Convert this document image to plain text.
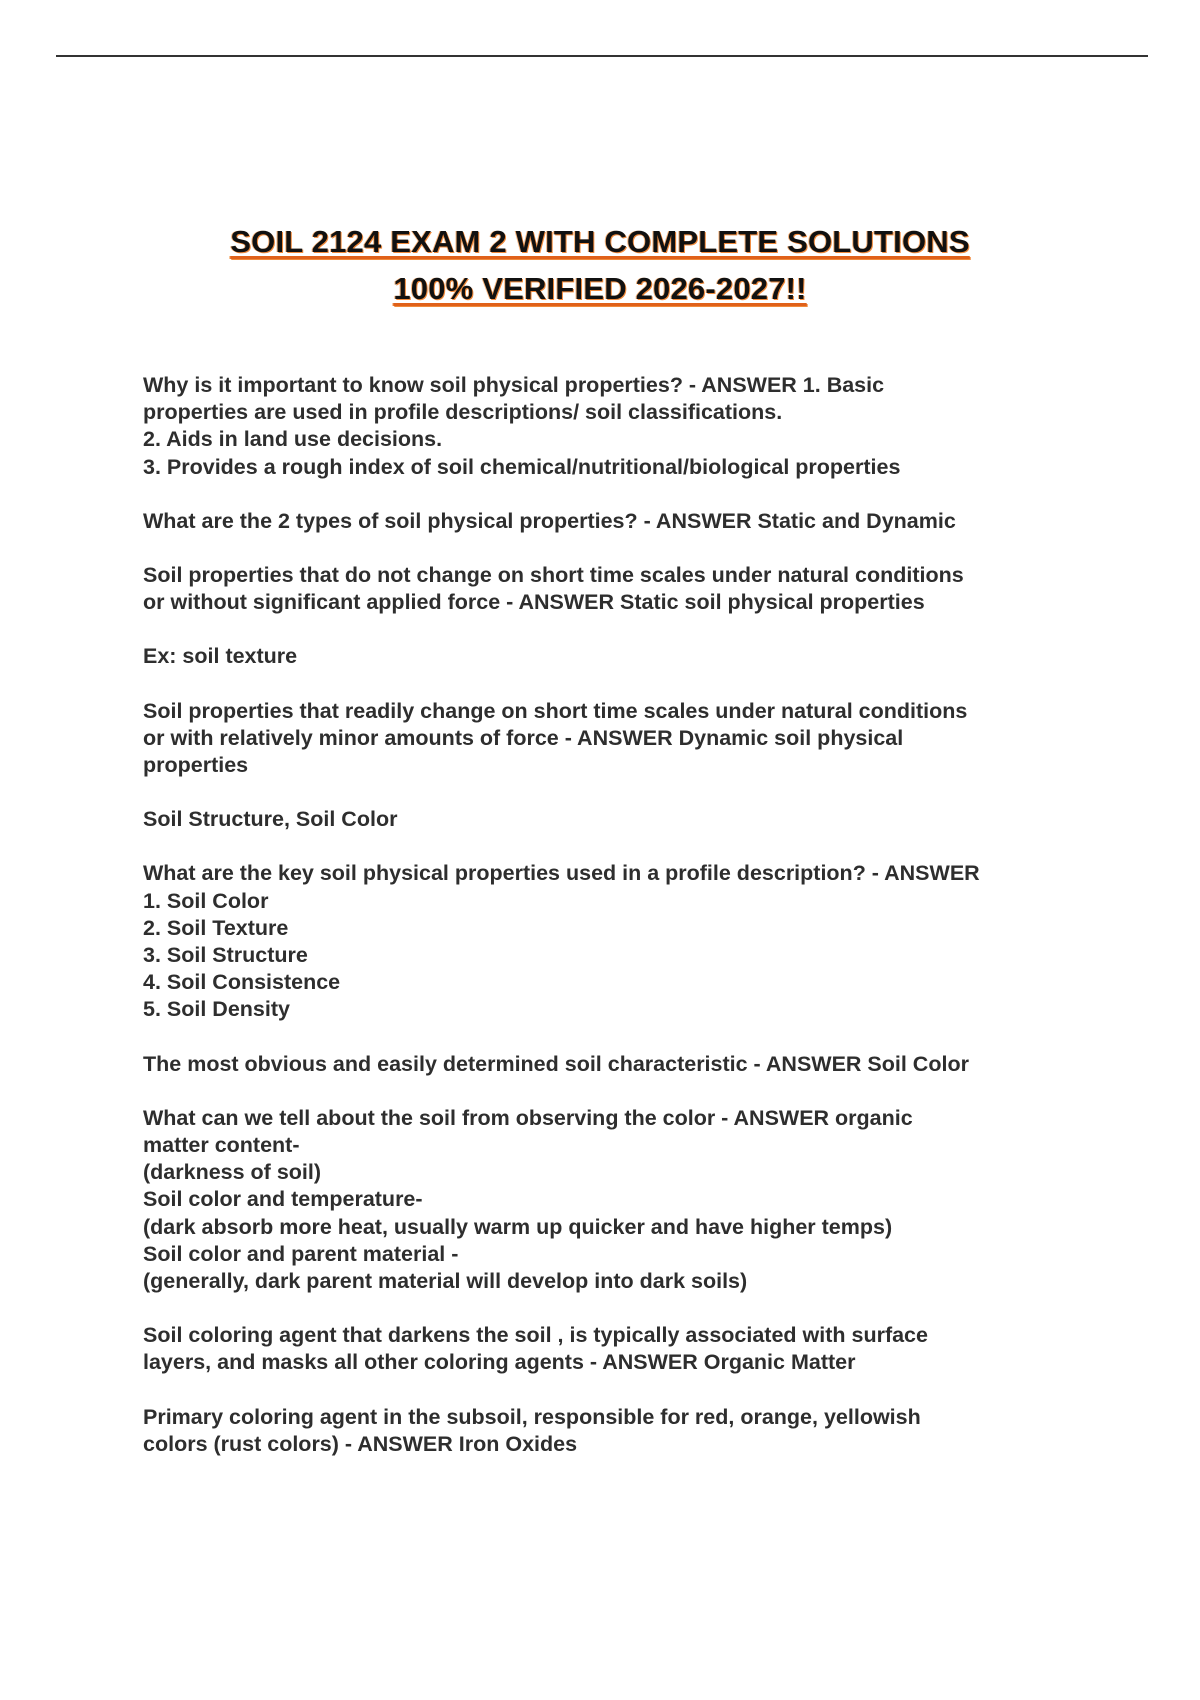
SOIL 2124 EXAM 2 WITH COMPLETE SOLUTIONS
100% VERIFIED 2026-2027!!
Why is it important to know soil physical properties? - ANSWER 1. Basic
properties are used in profile descriptions/ soil classifications.
2. Aids in land use decisions.
3. Provides a rough index of soil chemical/nutritional/biological properties
What are the 2 types of soil physical properties? - ANSWER Static and Dynamic
Soil properties that do not change on short time scales under natural conditions
or without significant applied force - ANSWER Static soil physical properties
Ex: soil texture
Soil properties that readily change on short time scales under natural conditions
or with relatively minor amounts of force - ANSWER Dynamic soil physical
properties
Soil Structure, Soil Color
What are the key soil physical properties used in a profile description? - ANSWER
1. Soil Color
2. Soil Texture
3. Soil Structure
4. Soil Consistence
5. Soil Density
The most obvious and easily determined soil characteristic - ANSWER Soil Color
What can we tell about the soil from observing the color - ANSWER organic
matter content-
(darkness of soil)
Soil color and temperature-
(dark absorb more heat, usually warm up quicker and have higher temps)
Soil color and parent material -
(generally, dark parent material will develop into dark soils)
Soil coloring agent that darkens the soil , is typically associated with surface
layers, and masks all other coloring agents - ANSWER Organic Matter
Primary coloring agent in the subsoil, responsible for red, orange, yellowish
colors (rust colors) - ANSWER Iron Oxides
